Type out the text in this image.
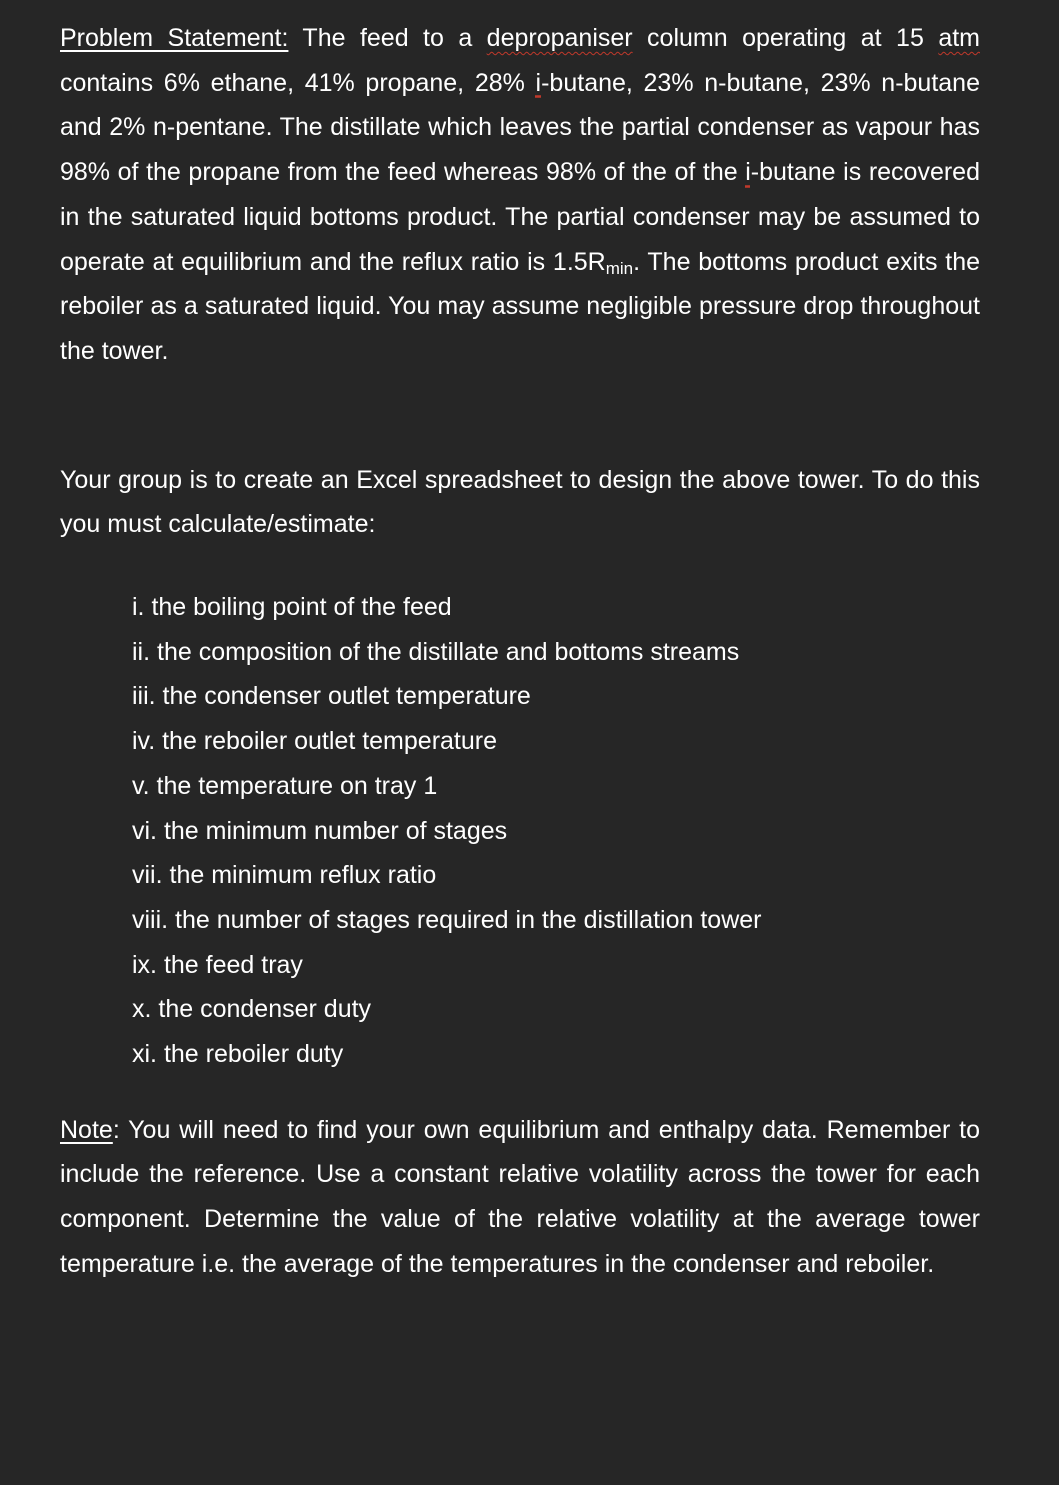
Problem Statement: The feed to a depropaniser column operating at 15 atm contains 6% ethane, 41% propane, 28% i-butane, 23% n-butane, 23% n-butane and 2% n-pentane. The distillate which leaves the partial condenser as vapour has 98% of the propane from the feed whereas 98% of the of the i-butane is recovered in the saturated liquid bottoms product. The partial condenser may be assumed to operate at equilibrium and the reflux ratio is $1.5R_{min}$. The bottoms product exits the reboiler as a saturated liquid. You may assume negligible pressure drop throughout the tower.

Your group is to create an Excel spreadsheet to design the above tower. To do this you must calculate/estimate:

i. the boiling point of the feed
ii. the composition of the distillate and bottoms streams
iii. the condenser outlet temperature
iv. the reboiler outlet temperature
v. the temperature on tray 1
vi. the minimum number of stages
vii. the minimum reflux ratio
viii. the number of stages required in the distillation tower
ix. the feed tray
x. the condenser duty
xi. the reboiler duty

Note: You will need to find your own equilibrium and enthalpy data. Remember to include the reference. Use a constant relative volatility across the tower for each component. Determine the value of the relative volatility at the average tower temperature i.e. the average of the temperatures in the condenser and reboiler.
